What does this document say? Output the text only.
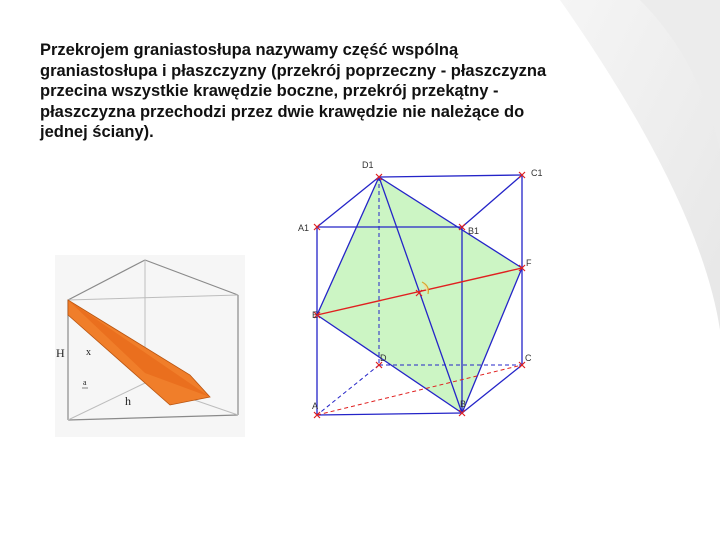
Przekrojem graniastosłupa nazywamy część wspólną
graniastosłupa i płaszczyzny (przekrój poprzeczny - płaszczyzna
przecina wszystkie krawędzie boczne, przekrój przekątny -
płaszczyzna przechodzi przez dwie krawędzie nie należące do
jednej ściany).
H x
a
h
D1
C1
A1	B1
F
E
D	C
A	B
